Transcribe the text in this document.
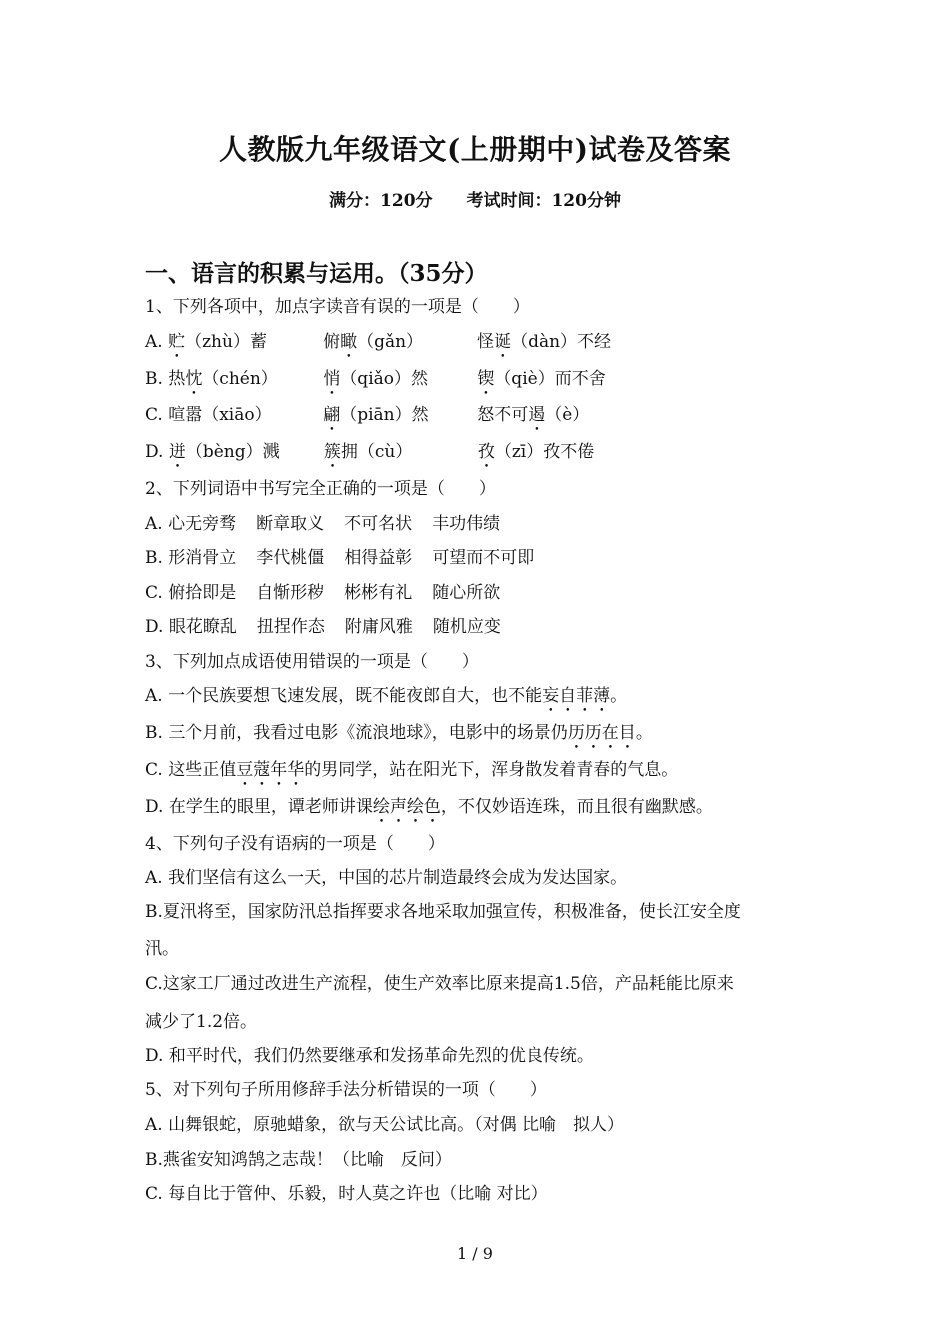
人教版九年级语文(上册期中)试卷及答案
满分：120分 考试时间：120分钟
一、语言的积累与运用。（35分）
1、下列各项中，加点字读音有误的一项是（　　）
A. 贮（zhù）蓄	俯瞰（gǎn）	怪诞（dàn）不经
B. 热忱（chén）	悄（qiǎo）然	锲（qiè）而不舍
C. 喧嚣（xiāo）	翩（piān）然	怒不可遏（è）
D. 迸（bèng）溅	簇拥（cù）	孜（zī）孜不倦
2、下列词语中书写完全正确的一项是（　　）
A. 心无旁骛 断章取义 不可名状 丰功伟绩
B. 形消骨立 李代桃僵 相得益彰 可望而不可即
C. 俯拾即是 自惭形秽 彬彬有礼 随心所欲
D. 眼花瞭乱 扭捏作态 附庸风雅 随机应变
3、下列加点成语使用错误的一项是（　　）
A. 一个民族要想飞速发展，既不能夜郎自大，也不能妄自菲薄。
B. 三个月前，我看过电影《流浪地球》，电影中的场景仍历历在目。
C. 这些正值豆蔻年华的男同学，站在阳光下，浑身散发着青春的气息。
D. 在学生的眼里，谭老师讲课绘声绘色，不仅妙语连珠，而且很有幽默感。
4、下列句子没有语病的一项是（　　）
A. 我们坚信有这么一天，中国的芯片制造最终会成为发达国家。
B.夏汛将至，国家防汛总指挥要求各地采取加强宣传，积极准备，使长江安全度
汛。
C.这家工厂通过改进生产流程，使生产效率比原来提高1.5倍，产品耗能比原来
减少了1.2倍。
D. 和平时代，我们仍然要继承和发扬革命先烈的优良传统。
5、对下列句子所用修辞手法分析错误的一项（　　）
A. 山舞银蛇，原驰蜡象，欲与天公试比高。（对偶 比喻　拟人）
B.燕雀安知鸿鹄之志哉！（比喻　反问）
C. 每自比于管仲、乐毅，时人莫之许也（比喻 对比）
1 / 9
